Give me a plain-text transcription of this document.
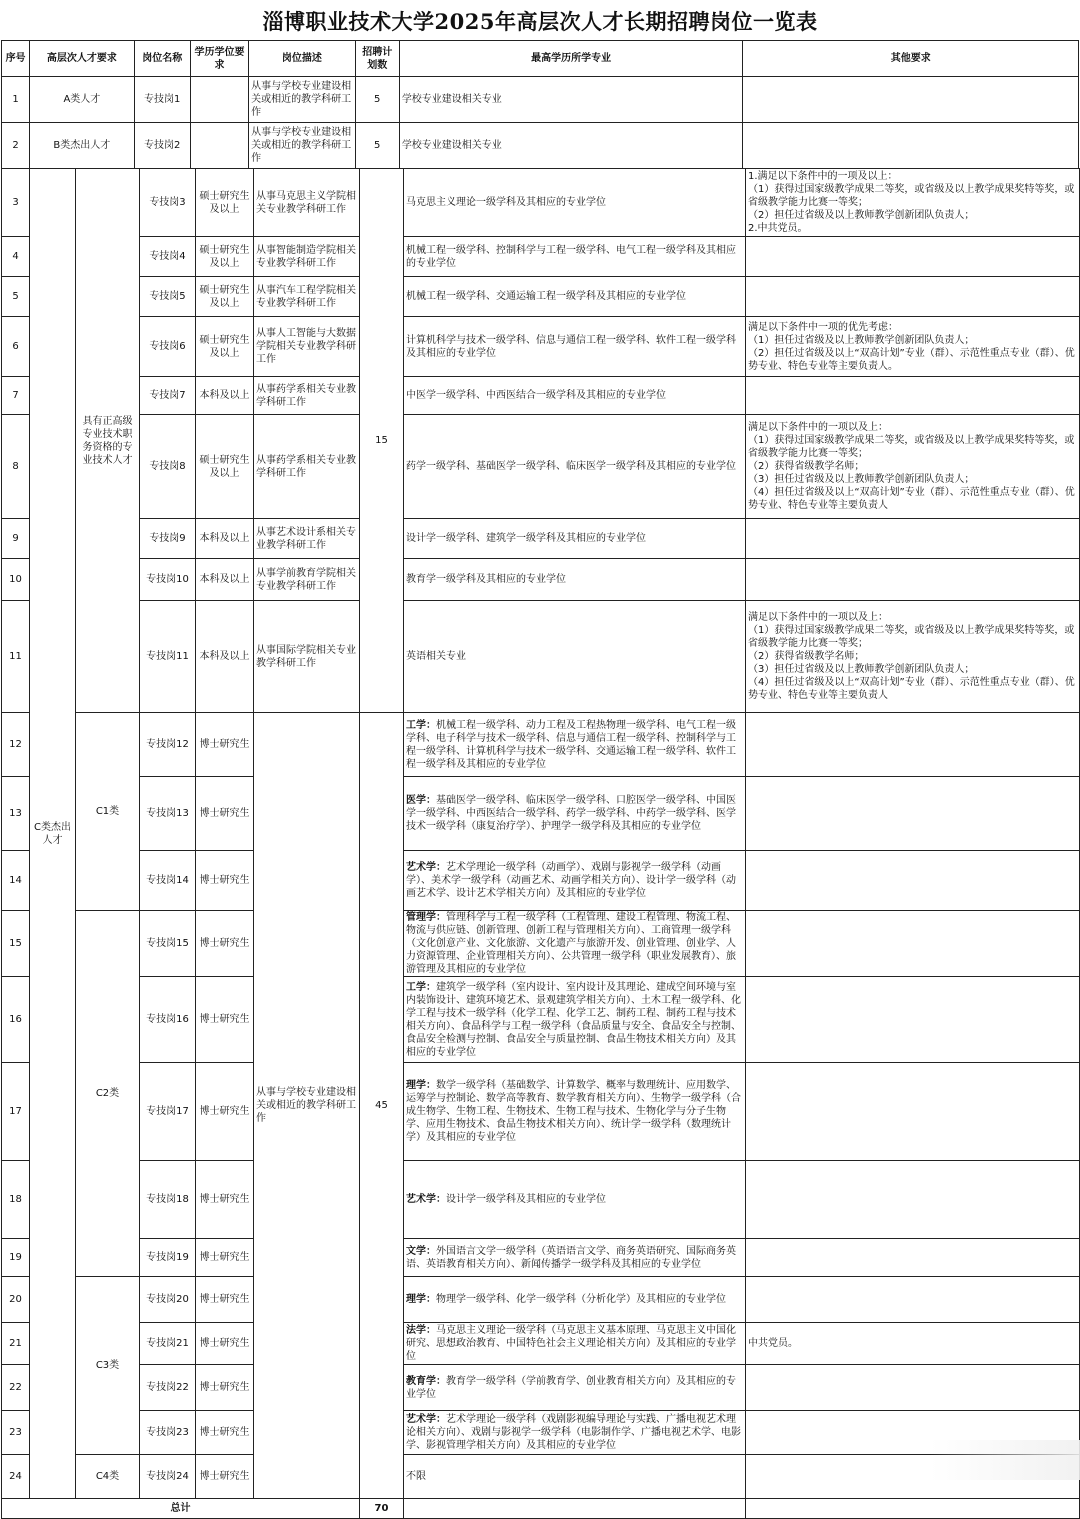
淄博职业技术大学2025年高层次人才长期招聘岗位一览表
序号	高层次人才要求	岗位名称	学历学位要求	岗位描述	招聘计划数	最高学历所学专业	其他要求
1	A类人才	专技岗1		从事与学校专业建设相关或相近的教学科研工作	5	学校专业建设相关专业	
2	B类杰出人才	专技岗2		从事与学校专业建设相关或相近的教学科研工作	5	学校专业建设相关专业	
3	C类杰出人才	具有正高级专业技术职务资格的专业技术人才	专技岗3	硕士研究生及以上	从事马克思主义学院相关专业教学科研工作	15	马克思主义理论一级学科及其相应的专业学位	1.满足以下条件中的一项及以上：
（1）获得过国家级教学成果二等奖，或省级及以上教学成果奖特等奖，或省级教学能力比赛一等奖；
（2）担任过省级及以上教师教学创新团队负责人；
2.中共党员。
4			专技岗4	硕士研究生及以上	从事智能制造学院相关专业教学科研工作		机械工程一级学科、控制科学与工程一级学科、电气工程一级学科及其相应的专业学位	
5			专技岗5	硕士研究生及以上	从事汽车工程学院相关专业教学科研工作		机械工程一级学科、交通运输工程一级学科及其相应的专业学位	
6			专技岗6	硕士研究生及以上	从事人工智能与大数据学院相关专业教学科研工作		计算机科学与技术一级学科、信息与通信工程一级学科、软件工程一级学科及其相应的专业学位	满足以下条件中一项的优先考虑：
（1）担任过省级及以上教师教学创新团队负责人；
（2）担任过省级及以上“双高计划”专业（群）、示范性重点专业（群）、优势专业、特色专业等主要负责人。
7			专技岗7	本科及以上	从事药学系相关专业教学科研工作		中医学一级学科、中西医结合一级学科及其相应的专业学位	
8			专技岗8	硕士研究生及以上	从事药学系相关专业教学科研工作		药学一级学科、基础医学一级学科、临床医学一级学科及其相应的专业学位	满足以下条件中的一项以及上：
（1）获得过国家级教学成果二等奖，或省级及以上教学成果奖特等奖，或省级教学能力比赛一等奖；
（2）获得省级教学名师；
（3）担任过省级及以上教师教学创新团队负责人；
（4）担任过省级及以上“双高计划”专业（群）、示范性重点专业（群）、优势专业、特色专业等主要负责人
9			专技岗9	本科及以上	从事艺术设计系相关专业教学科研工作		设计学一级学科、建筑学一级学科及其相应的专业学位	
10			专技岗10	本科及以上	从事学前教育学院相关专业教学科研工作		教育学一级学科及其相应的专业学位	
11			专技岗11	本科及以上	从事国际学院相关专业教学科研工作		英语相关专业	满足以下条件中的一项以及上：
（1）获得过国家级教学成果二等奖，或省级及以上教学成果奖特等奖，或省级教学能力比赛一等奖；
（2）获得省级教学名师；
（3）担任过省级及以上教师教学创新团队负责人；
（4）担任过省级及以上“双高计划”专业（群）、示范性重点专业（群）、优势专业、特色专业等主要负责人
12		C1类	专技岗12	博士研究生	从事与学校专业建设相关或相近的教学科研工作	45	工学：机械工程一级学科、动力工程及工程热物理一级学科、电气工程一级学科、电子科学与技术一级学科、信息与通信工程一级学科、控制科学与工程一级学科、计算机科学与技术一级学科、交通运输工程一级学科、软件工程一级学科及其相应的专业学位	
13			专技岗13	博士研究生			医学：基础医学一级学科、临床医学一级学科、口腔医学一级学科、中国医学一级学科、中西医结合一级学科、药学一级学科、中药学一级学科、医学技术一级学科（康复治疗学）、护理学一级学科及其相应的专业学位	
14			专技岗14	博士研究生			艺术学：艺术学理论一级学科（动画学）、戏剧与影视学一级学科（动画学）、美术学一级学科（动画艺术、动画学相关方向）、设计学一级学科（动画艺术学、设计艺术学相关方向）及其相应的专业学位	
15		C2类	专技岗15	博士研究生			管理学：管理科学与工程一级学科（工程管理、建设工程管理、物流工程、物流与供应链、创新管理、创新工程与管理相关方向）、工商管理一级学科（文化创意产业、文化旅游、文化遗产与旅游开发、创业管理、创业学、人力资源管理、企业管理相关方向）、公共管理一级学科（职业发展教育）、旅游管理及其相应的专业学位	
16			专技岗16	博士研究生			工学：建筑学一级学科（室内设计、室内设计及其理论、建成空间环境与室内装饰设计、建筑环境艺术、景观建筑学相关方向）、土木工程一级学科、化学工程与技术一级学科（化学工程、化学工艺、制药工程、制药工程与技术相关方向）、食品科学与工程一级学科（食品质量与安全、食品安全与控制、食品安全检测与控制、食品安全与质量控制、食品生物技术相关方向）及其相应的专业学位	
17			专技岗17	博士研究生			理学：数学一级学科（基础数学、计算数学、概率与数理统计、应用数学、运筹学与控制论、数学高等教育、数学教育相关方向）、生物学一级学科（合成生物学、生物工程、生物技术、生物工程与技术、生物化学与分子生物学、应用生物技术、食品生物技术相关方向）、统计学一级学科（数理统计学）及其相应的专业学位	
18			专技岗18	博士研究生			艺术学：设计学一级学科及其相应的专业学位	
19			专技岗19	博士研究生			文学：外国语言文学一级学科（英语语言文学、商务英语研究、国际商务英语、英语教育相关方向）、新闻传播学一级学科及其相应的专业学位	
20		C3类	专技岗20	博士研究生			理学：物理学一级学科、化学一级学科（分析化学）及其相应的专业学位	
21			专技岗21	博士研究生			法学：马克思主义理论一级学科（马克思主义基本原理、马克思主义中国化研究、思想政治教育、中国特色社会主义理论相关方向）及其相应的专业学位	中共党员。
22			专技岗22	博士研究生			教育学：教育学一级学科（学前教育学、创业教育相关方向）及其相应的专业学位	
23			专技岗23	博士研究生			艺术学：艺术学理论一级学科（戏剧影视编导理论与实践、广播电视艺术理论相关方向）、戏剧与影视学一级学科（电影制作学、广播电视艺术学、电影学、影视管理学相关方向）及其相应的专业学位	
24		C4类	专技岗24	博士研究生			不限	
总计						70		
